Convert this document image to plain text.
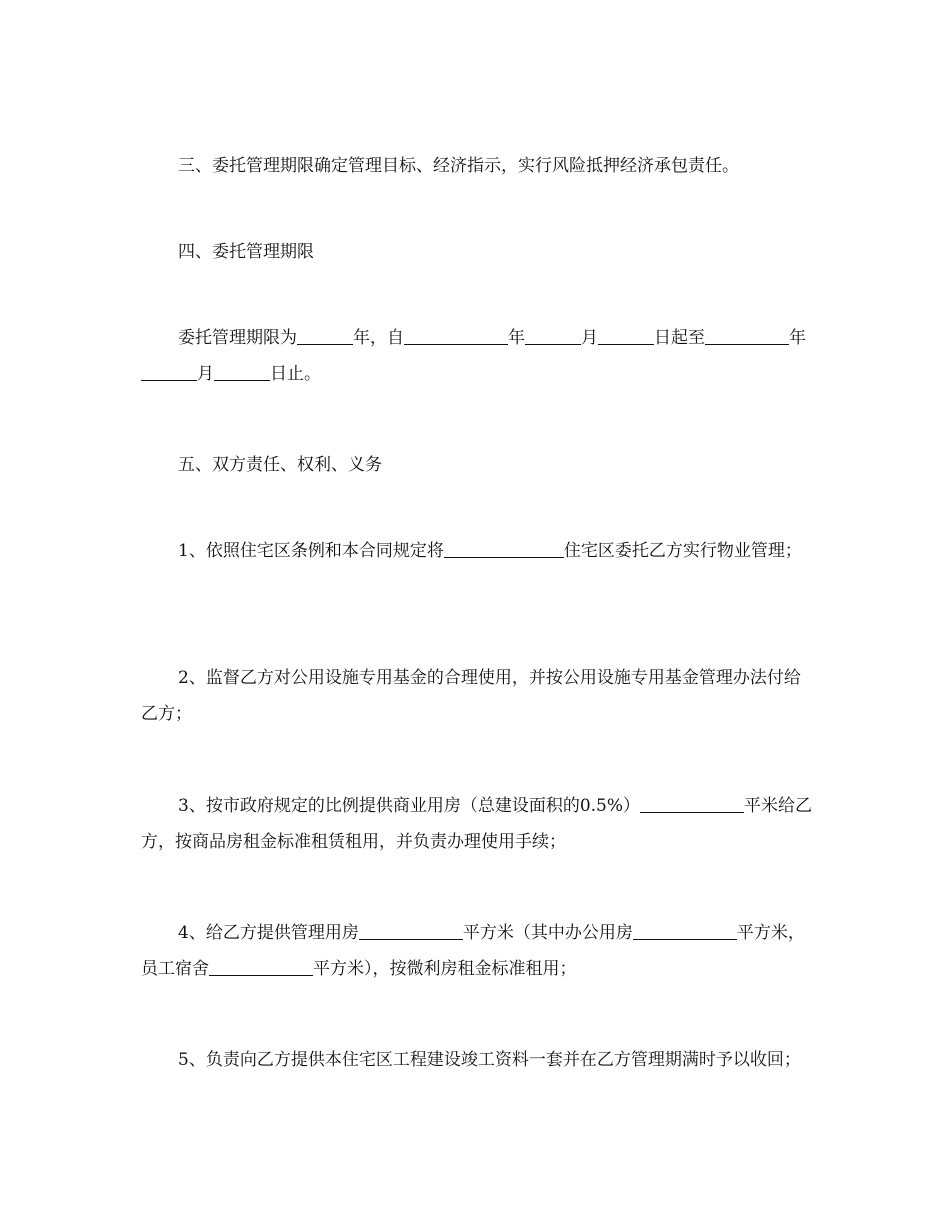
三、委托管理期限确定管理目标、经济指示，实行风险抵押经济承包责任。
四、委托管理期限
委托管理期限为	年，自	年	月	日起至	年月	日止。
五、双方责任、权利、义务
1、依照住宅区条例和本合同规定将	住宅区委托乙方实行物业管理；
2、监督乙方对公用设施专用基金的合理使用，并按公用设施专用基金管理办法付给乙方；
3、按市政府规定的比例提供商业用房（总建设面积的0.5%）	平米给乙方，按商品房租金标准租赁租用，并负责办理使用手续；
4、给乙方提供管理用房	平方米（其中办公用房	平方米，员工宿舍	平方米），按微利房租金标准租用；
5、负责向乙方提供本住宅区工程建设竣工资料一套并在乙方管理期满时予以收回；
